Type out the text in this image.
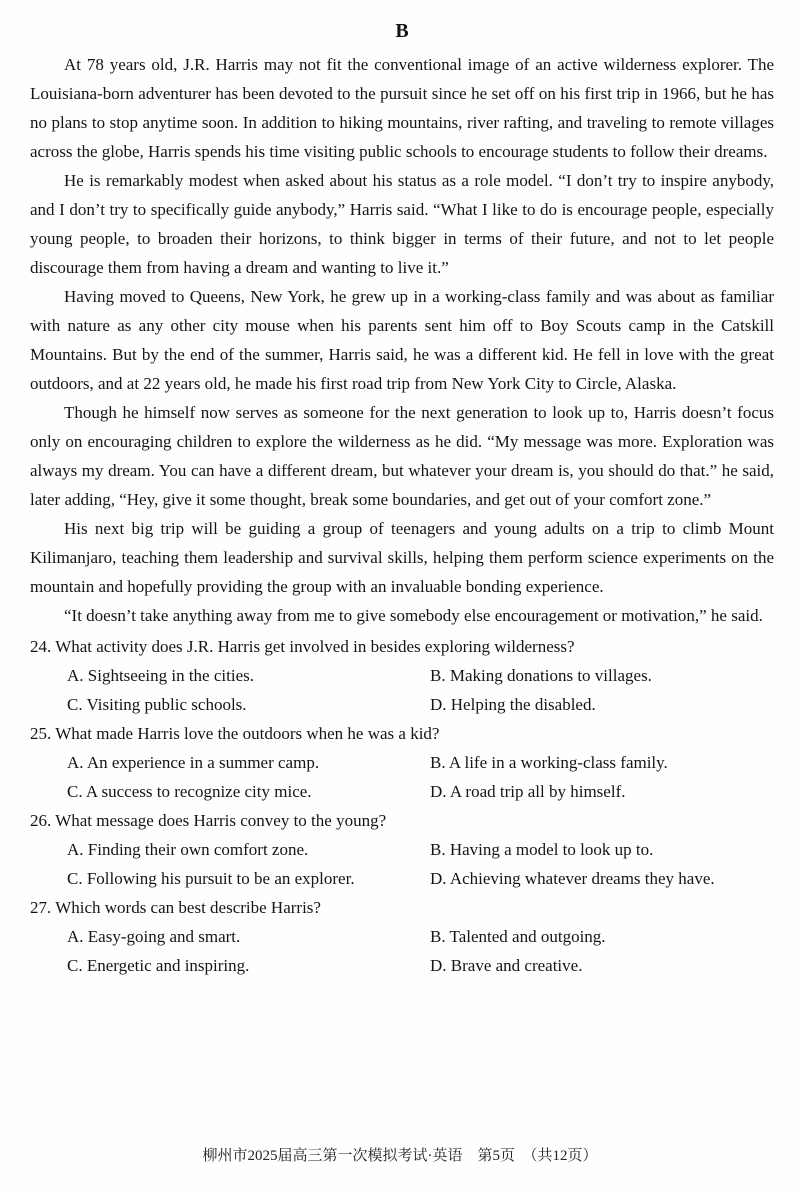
B

At 78 years old, J.R. Harris may not fit the conventional image of an active wilderness explorer. The Louisiana-born adventurer has been devoted to the pursuit since he set off on his first trip in 1966, but he has no plans to stop anytime soon. In addition to hiking mountains, river rafting, and traveling to remote villages across the globe, Harris spends his time visiting public schools to encourage students to follow their dreams.

He is remarkably modest when asked about his status as a role model. “I don’t try to inspire anybody, and I don’t try to specifically guide anybody,” Harris said. “What I like to do is encourage people, especially young people, to broaden their horizons, to think bigger in terms of their future, and not to let people discourage them from having a dream and wanting to live it.”

Having moved to Queens, New York, he grew up in a working-class family and was about as familiar with nature as any other city mouse when his parents sent him off to Boy Scouts camp in the Catskill Mountains. But by the end of the summer, Harris said, he was a different kid. He fell in love with the great outdoors, and at 22 years old, he made his first road trip from New York City to Circle, Alaska.

Though he himself now serves as someone for the next generation to look up to, Harris doesn’t focus only on encouraging children to explore the wilderness as he did. “My message was more. Exploration was always my dream. You can have a different dream, but whatever your dream is, you should do that.” he said, later adding, “Hey, give it some thought, break some boundaries, and get out of your comfort zone.”

His next big trip will be guiding a group of teenagers and young adults on a trip to climb Mount Kilimanjaro, teaching them leadership and survival skills, helping them perform science experiments on the mountain and hopefully providing the group with an invaluable bonding experience.

“It doesn’t take anything away from me to give somebody else encouragement or motivation,” he said.

24. What activity does J.R. Harris get involved in besides exploring wilderness?
A. Sightseeing in the cities.	B. Making donations to villages.
C. Visiting public schools.	D. Helping the disabled.
25. What made Harris love the outdoors when he was a kid?
A. An experience in a summer camp.	B. A life in a working-class family.
C. A success to recognize city mice.	D. A road trip all by himself.
26. What message does Harris convey to the young?
A. Finding their own comfort zone.	B. Having a model to look up to.
C. Following his pursuit to be an explorer.	D. Achieving whatever dreams they have.
27. Which words can best describe Harris?
A. Easy-going and smart.	B. Talented and outgoing.
C. Energetic and inspiring.	D. Brave and creative.
柳州市2025届高三第一次模拟考试·英语　第5页　（共12页）
